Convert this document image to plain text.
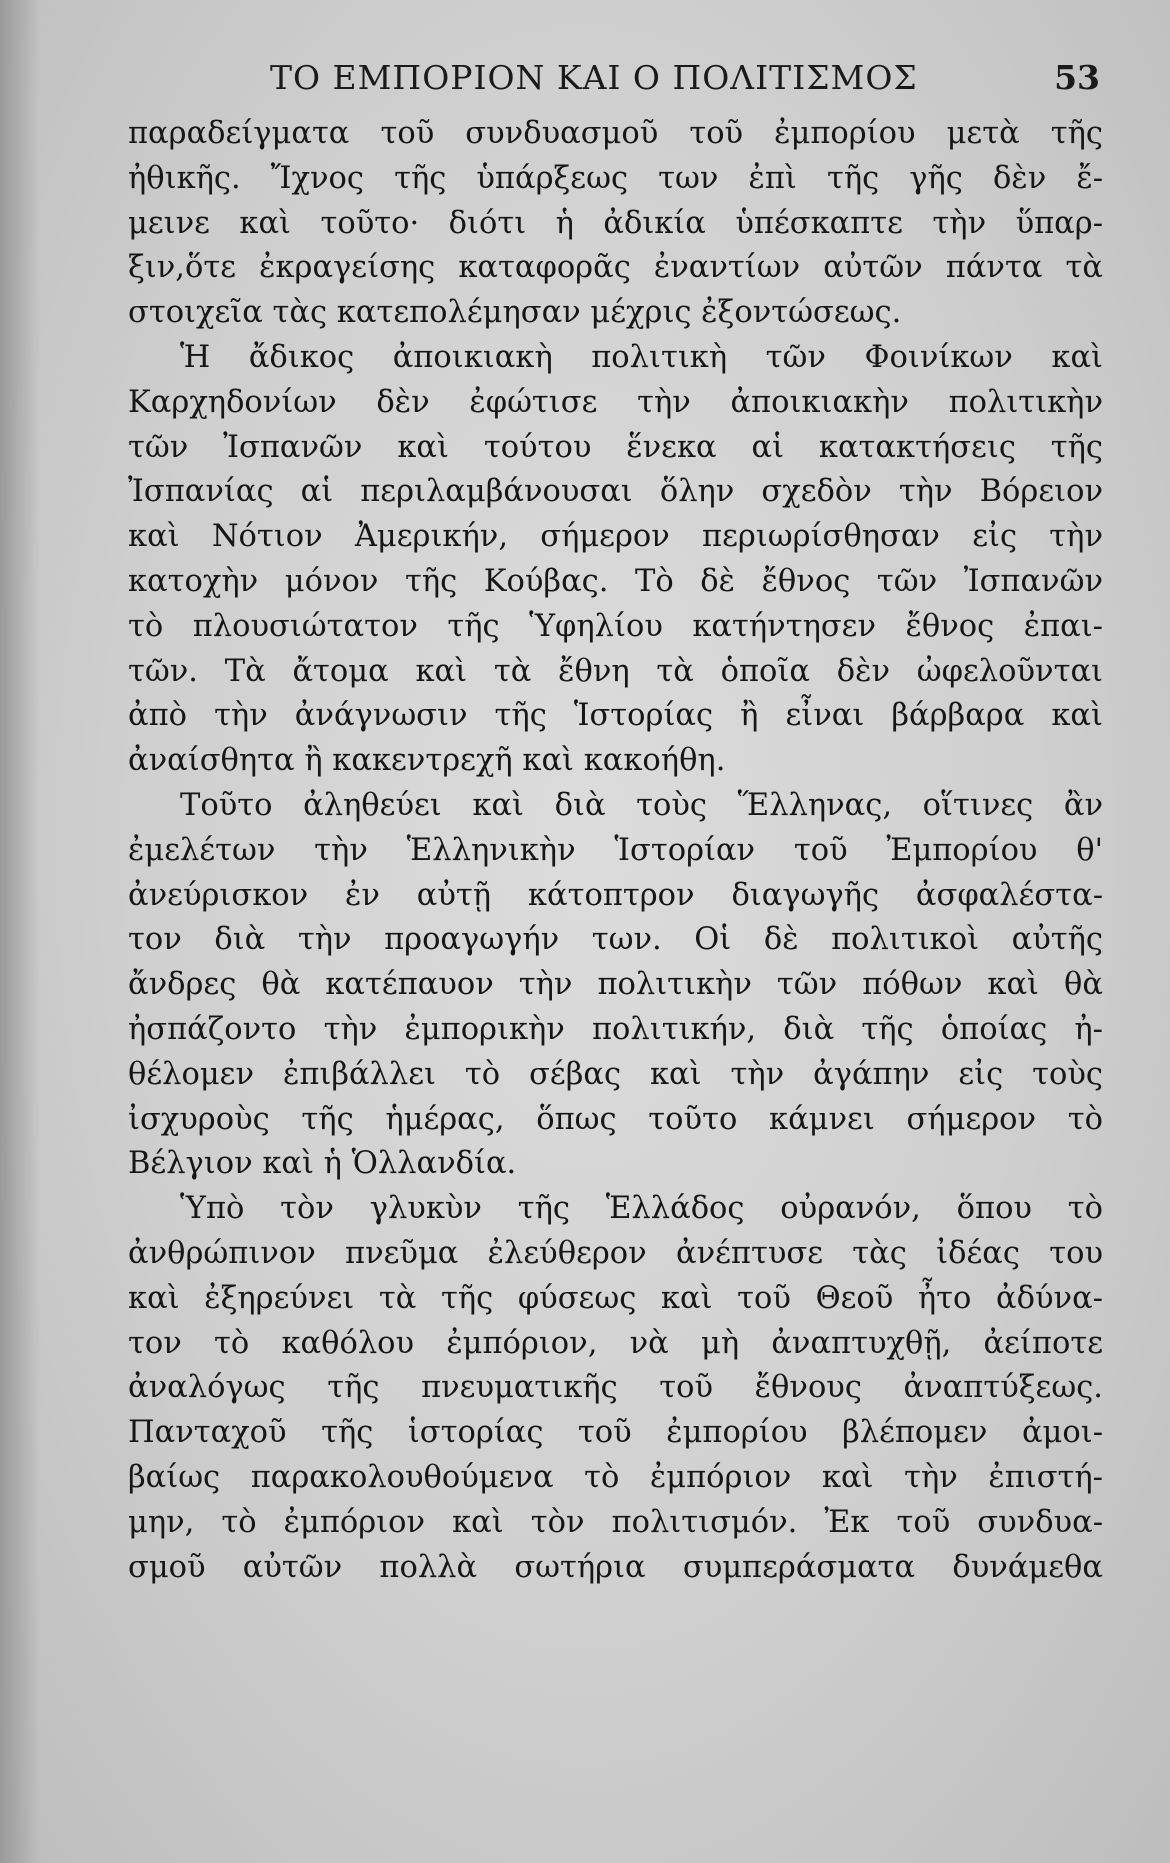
ΤΟ ΕΜΠΟΡΙΟΝ ΚΑΙ Ο ΠΟΛΙΤΙΣΜΟΣ	53
παραδείγματα τοῦ συνδυασμοῦ τοῦ ἐμπορίου μετὰ τῆς
ἠθικῆς. Ἴχνος τῆς ὑπάρξεως των ἐπὶ τῆς γῆς δὲν ἔ-
μεινε καὶ τοῦτο· διότι ἡ ἀδικία ὑπέσκαπτε τὴν ὕπαρ-
ξιν,ὅτε ἐκραγείσης καταφορᾶς ἐναντίων αὐτῶν πάντα τὰ
στοιχεῖα τὰς κατεπολέμησαν μέχρις ἐξοντώσεως.
Ἡ ἄδικος ἀποικιακὴ πολιτικὴ τῶν Φοινίκων καὶ
Καρχηδονίων δὲν ἐφώτισε τὴν ἀποικιακὴν πολιτικὴν
τῶν Ἰσπανῶν καὶ τούτου ἕνεκα αἱ κατακτήσεις τῆς
Ἰσπανίας αἱ περιλαμβάνουσαι ὅλην σχεδὸν τὴν Βόρειον
καὶ Νότιον Ἀμερικήν, σήμερον περιωρίσθησαν εἰς τὴν
κατοχὴν μόνον τῆς Κούβας. Τὸ δὲ ἔθνος τῶν Ἰσπανῶν
τὸ πλουσιώτατον τῆς Ὑφηλίου κατήντησεν ἔθνος ἐπαι-
τῶν. Τὰ ἄτομα καὶ τὰ ἔθνη τὰ ὁποῖα δὲν ὠφελοῦνται
ἀπὸ τὴν ἀνάγνωσιν τῆς Ἱστορίας ἢ εἶναι βάρβαρα καὶ
ἀναίσθητα ἢ κακεντρεχῆ καὶ κακοήθη.
Τοῦτο ἀληθεύει καὶ διὰ τοὺς Ἕλληνας, οἵτινες ἂν
ἐμελέτων τὴν Ἑλληνικὴν Ἱστορίαν τοῦ Ἐμπορίου θ'
ἀνεύρισκον ἐν αὐτῇ κάτοπτρον διαγωγῆς ἀσφαλέστα-
τον διὰ τὴν προαγωγήν των. Οἱ δὲ πολιτικοὶ αὐτῆς
ἄνδρες θὰ κατέπαυον τὴν πολιτικὴν τῶν πόθων καὶ θὰ
ἠσπάζοντο τὴν ἐμπορικὴν πολιτικήν, διὰ τῆς ὁποίας ἠ-
θέλομεν ἐπιβάλλει τὸ σέβας καὶ τὴν ἀγάπην εἰς τοὺς
ἰσχυροὺς τῆς ἡμέρας, ὅπως τοῦτο κάμνει σήμερον τὸ
Βέλγιον καὶ ἡ Ὁλλανδία.
Ὑπὸ τὸν γλυκὺν τῆς Ἑλλάδος οὐρανόν, ὅπου τὸ
ἀνθρώπινον πνεῦμα ἐλεύθερον ἀνέπτυσε τὰς ἰδέας του
καὶ ἐξηρεύνει τὰ τῆς φύσεως καὶ τοῦ Θεοῦ ἦτο ἀδύνα-
τον τὸ καθόλου ἐμπόριον, νὰ μὴ ἀναπτυχθῇ, ἀείποτε
ἀναλόγως τῆς πνευματικῆς τοῦ ἔθνους ἀναπτύξεως.
Πανταχοῦ τῆς ἱστορίας τοῦ ἐμπορίου βλέπομεν ἀμοι-
βαίως παρακολουθούμενα τὸ ἐμπόριον καὶ τὴν ἐπιστή-
μην, τὸ ἐμπόριον καὶ τὸν πολιτισμόν. Ἐκ τοῦ συνδυα-
σμοῦ αὐτῶν πολλὰ σωτήρια συμπεράσματα δυνάμεθα
